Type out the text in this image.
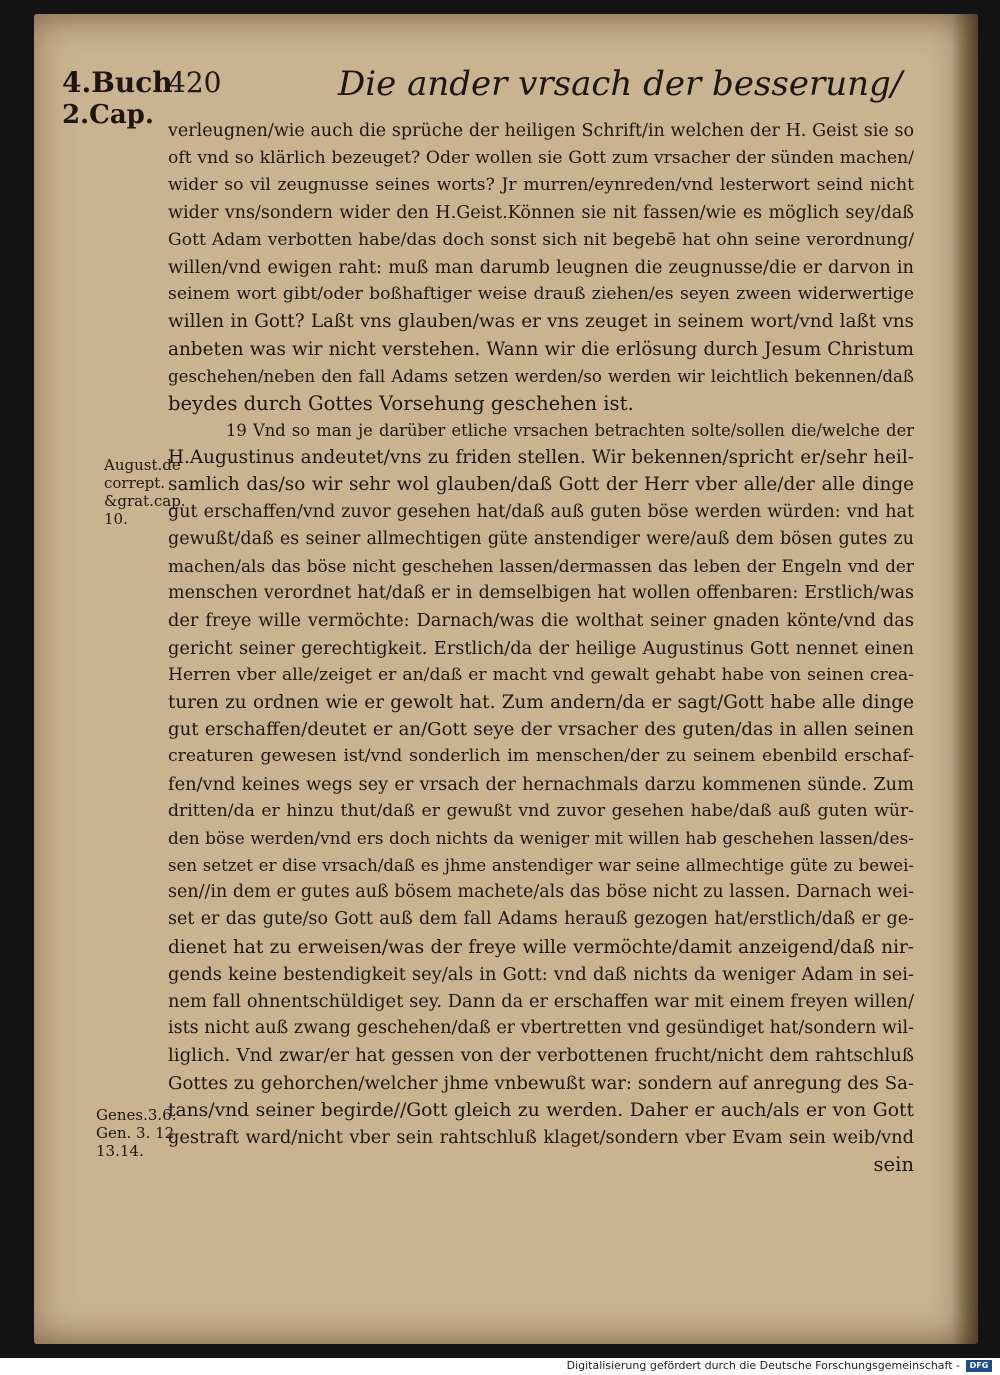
4.Buch
2.Cap.
420	Die ander vrsach der besserung/
verleugnen/wie auch die sprüche der heiligen Schrift/in welchen der H. Geist sie so
oft vnd so klärlich bezeuget? Oder wollen sie Gott zum vrsacher der sünden machen/
wider so vil zeugnusse seines worts? Jr murren/eynreden/vnd lesterwort seind nicht
wider vns/sondern wider den H.Geist.Können sie nit fassen/wie es möglich sey/daß
Gott Adam verbotten habe/das doch sonst sich nit begebē hat ohn seine verordnung/
willen/vnd ewigen raht: muß man darumb leugnen die zeugnusse/die er darvon in
seinem wort gibt/oder boßhaftiger weise drauß ziehen/es seyen zween widerwertige
willen in Gott? Laßt vns glauben/was er vns zeuget in seinem wort/vnd laßt vns
anbeten was wir nicht verstehen. Wann wir die erlösung durch Jesum Christum
geschehen/neben den fall Adams setzen werden/so werden wir leichtlich bekennen/daß
beydes durch Gottes Vorsehung geschehen ist.
19 Vnd so man je darüber etliche vrsachen betrachten solte/sollen die/welche der
H.Augustinus andeutet/vns zu friden stellen. Wir bekennen/spricht er/sehr heil-
samlich das/so wir sehr wol glauben/daß Gott der Herr vber alle/der alle dinge
gut erschaffen/vnd zuvor gesehen hat/daß auß guten böse werden würden: vnd hat
gewußt/daß es seiner allmechtigen güte anstendiger were/auß dem bösen gutes zu
machen/als das böse nicht geschehen lassen/dermassen das leben der Engeln vnd der
menschen verordnet hat/daß er in demselbigen hat wollen offenbaren: Erstlich/was
der freye wille vermöchte: Darnach/was die wolthat seiner gnaden könte/vnd das
gericht seiner gerechtigkeit. Erstlich/da der heilige Augustinus Gott nennet einen
Herren vber alle/zeiget er an/daß er macht vnd gewalt gehabt habe von seinen crea-
turen zu ordnen wie er gewolt hat. Zum andern/da er sagt/Gott habe alle dinge
gut erschaffen/deutet er an/Gott seye der vrsacher des guten/das in allen seinen
creaturen gewesen ist/vnd sonderlich im menschen/der zu seinem ebenbild erschaf-
fen/vnd keines wegs sey er vrsach der hernachmals darzu kommenen sünde. Zum
dritten/da er hinzu thut/daß er gewußt vnd zuvor gesehen habe/daß auß guten wür-
den böse werden/vnd ers doch nichts da weniger mit willen hab geschehen lassen/des-
sen setzet er dise vrsach/daß es jhme anstendiger war seine allmechtige güte zu bewei-
sen//in dem er gutes auß bösem machete/als das böse nicht zu lassen. Darnach wei-
set er das gute/so Gott auß dem fall Adams herauß gezogen hat/erstlich/daß er ge-
dienet hat zu erweisen/was der freye wille vermöchte/damit anzeigend/daß nir-
gends keine bestendigkeit sey/als in Gott: vnd daß nichts da weniger Adam in sei-
nem fall ohnentschüldiget sey. Dann da er erschaffen war mit einem freyen willen/
ists nicht auß zwang geschehen/daß er vbertretten vnd gesündiget hat/sondern wil-
liglich. Vnd zwar/er hat gessen von der verbottenen frucht/nicht dem rahtschluß
Gottes zu gehorchen/welcher jhme vnbewußt war: sondern auf anregung des Sa-
tans/vnd seiner begirde//Gott gleich zu werden. Daher er auch/als er von Gott
gestraft ward/nicht vber sein rahtschluß klaget/sondern vber Evam sein weib/vnd
sein
August.de
corrept.
&grat.cap.
10.
Genes.3.6.
Gen. 3. 12.
13.14.
Digitalisierung gefördert durch die Deutsche Forschungsgemeinschaft -	DFG
